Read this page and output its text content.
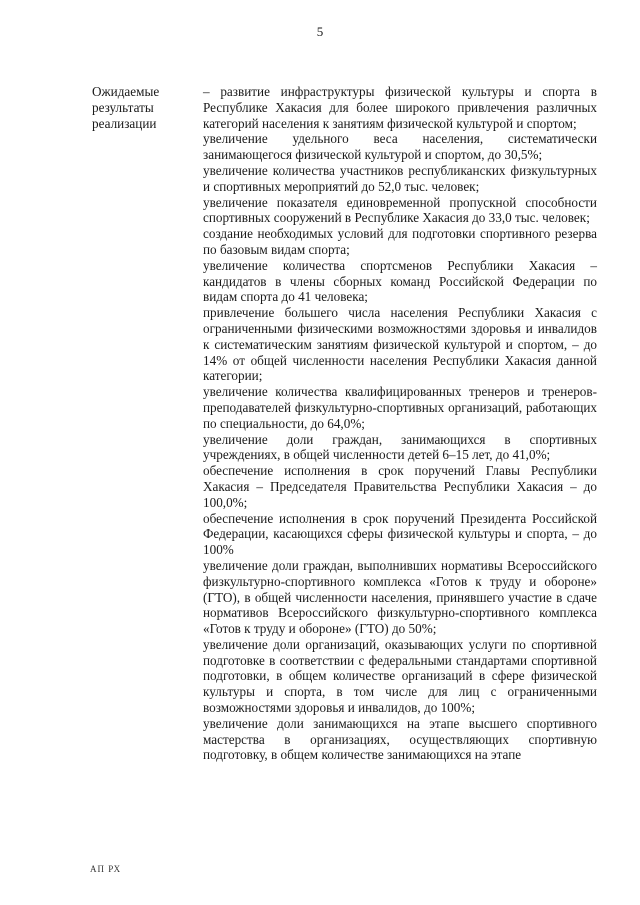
5
Ожидаемые
результаты
реализации

– развитие инфраструктуры физической культуры и спорта в Республике Хакасия для более широкого привлечения различных категорий населения к занятиям физической культурой и спортом;

увеличение удельного веса населения, систематически занимающегося физической культурой и спортом, до 30,5%;

увеличение количества участников республиканских физкультурных и спортивных мероприятий до 52,0 тыс. человек;

увеличение показателя единовременной пропускной способности спортивных сооружений в Республике Хакасия до 33,0 тыс. человек;

создание необходимых условий для подготовки спортивного резерва по базовым видам спорта;

увеличение количества спортсменов Республики Хакасия – кандидатов в члены сборных команд Российской Федерации по видам спорта до 41 человека;

привлечение большего числа населения Республики Хакасия с ограниченными физическими возможностями здоровья и инвалидов к систематическим занятиям физической культурой и спортом, – до 14% от общей численности населения Республики Хакасия данной категории;

увеличение количества квалифицированных тренеров и тренеров-преподавателей физкультурно-спортивных организаций, работающих по специальности, до 64,0%;

увеличение доли граждан, занимающихся в спортивных учреждениях, в общей численности детей 6–15 лет, до 41,0%;

обеспечение исполнения в срок поручений Главы Республики Хакасия – Председателя Правительства Республики Хакасия – до 100,0%;

обеспечение исполнения в срок поручений Президента Российской Федерации, касающихся сферы физической культуры и спорта, – до 100%

увеличение доли граждан, выполнивших нормативы Всероссийского физкультурно-спортивного комплекса «Готов к труду и обороне» (ГТО), в общей численности населения, принявшего участие в сдаче нормативов Всероссийского физкультурно-спортивного комплекса «Готов к труду и обороне» (ГТО) до 50%;

увеличение доли организаций, оказывающих услуги по спортивной подготовке в соответствии с федеральными стандартами спортивной подготовки, в общем количестве организаций в сфере физической культуры и спорта, в том числе для лиц с ограниченными возможностями здоровья и инвалидов, до 100%;

увеличение доли занимающихся на этапе высшего спортивного мастерства в организациях, осуществляющих спортивную подготовку, в общем количестве занимающихся на этапе

АП РХ
